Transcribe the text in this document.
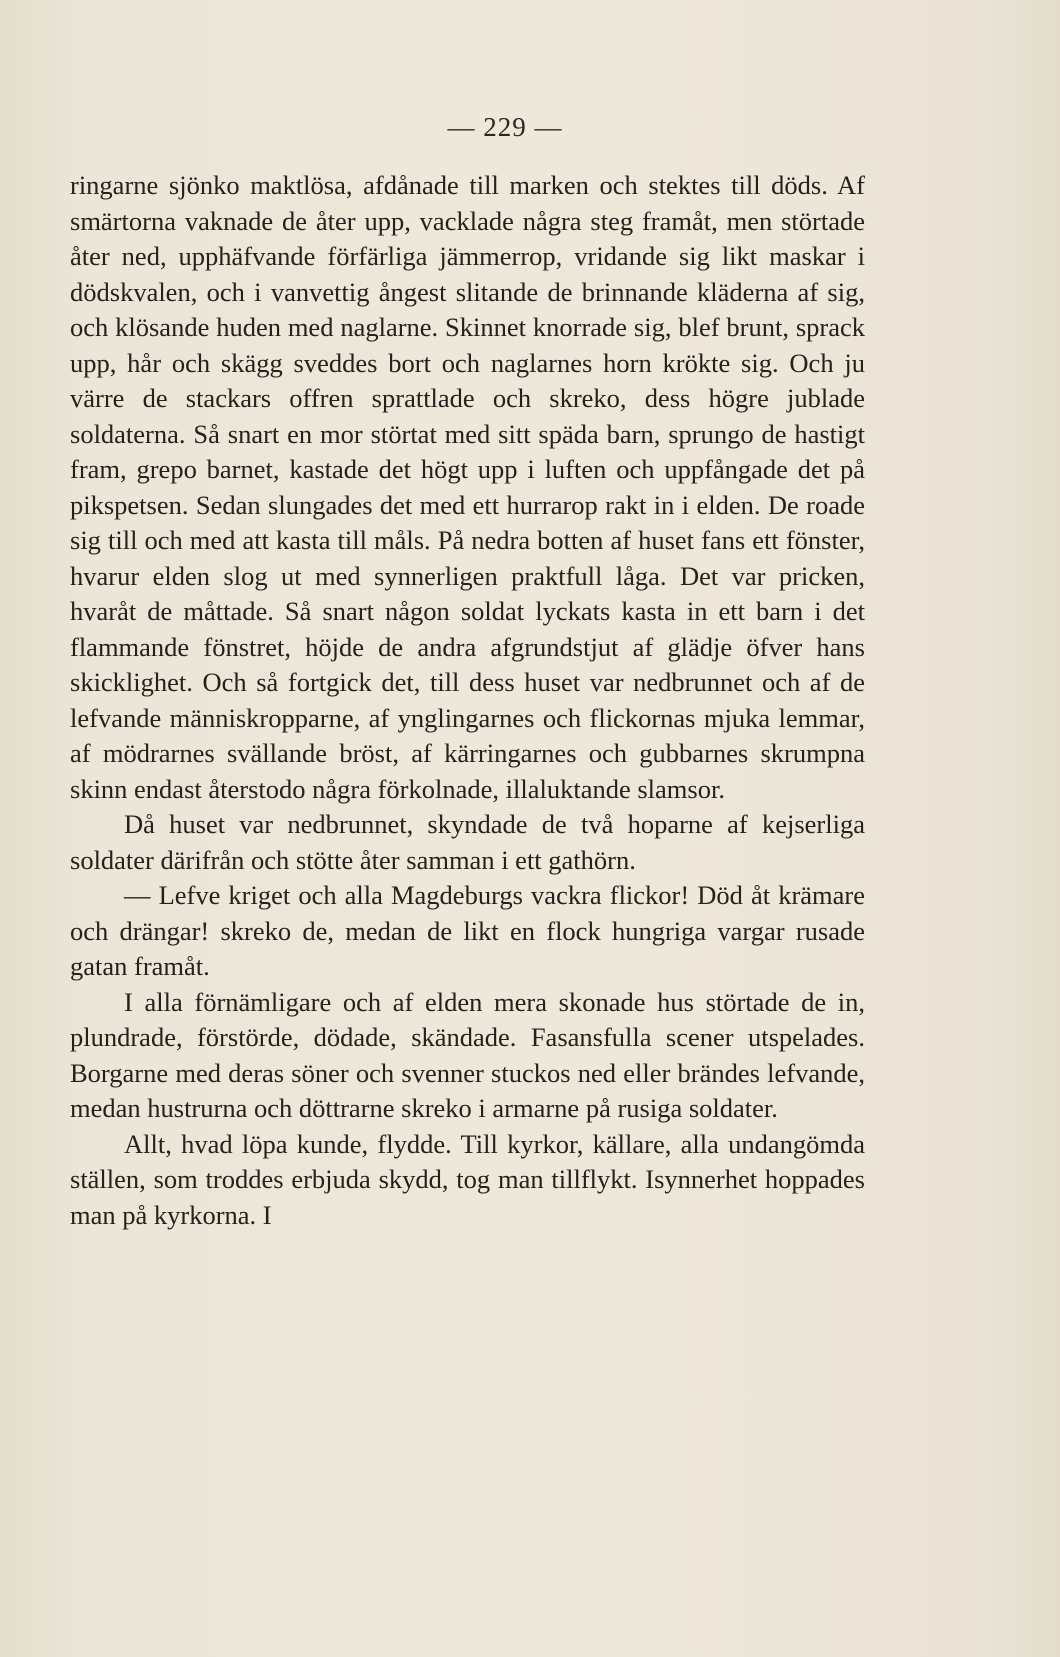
— 229 —

ringarne sjönko maktlösa, afdånade till marken och stektes till döds. Af smärtorna vaknade de åter upp, vacklade några steg framåt, men störtade åter ned, upphäfvande förfärliga jämmerrop, vridande sig likt maskar i dödskvalen, och i vanvettig ångest slitande de brinnande kläderna af sig, och klösande huden med naglarne. Skinnet knorrade sig, blef brunt, sprack upp, hår och skägg sveddes bort och naglarnes horn krökte sig. Och ju värre de stackars offren sprattlade och skreko, dess högre jublade soldaterna. Så snart en mor störtat med sitt späda barn, sprungo de hastigt fram, grepo barnet, kastade det högt upp i luften och uppfångade det på pikspetsen. Sedan slungades det med ett hurrarop rakt in i elden. De roade sig till och med att kasta till måls. På nedra botten af huset fans ett fönster, hvarur elden slog ut med synnerligen praktfull låga. Det var pricken, hvaråt de måttade. Så snart någon soldat lyckats kasta in ett barn i det flammande fönstret, höjde de andra afgrundstjut af glädje öfver hans skicklighet. Och så fortgick det, till dess huset var nedbrunnet och af de lefvande människropparne, af ynglingarnes och flickornas mjuka lemmar, af mödrarnes svällande bröst, af kärringarnes och gubbarnes skrumpna skinn endast återstodo några förkolnade, illaluktande slamsor.

Då huset var nedbrunnet, skyndade de två hoparne af kejserliga soldater därifrån och stötte åter samman i ett gathörn.

— Lefve kriget och alla Magdeburgs vackra flickor! Död åt krämare och drängar! skreko de, medan de likt en flock hungriga vargar rusade gatan framåt.

I alla förnämligare och af elden mera skonade hus störtade de in, plundrade, förstörde, dödade, skändade. Fasansfulla scener utspelades. Borgarne med deras söner och svenner stuckos ned eller brändes lefvande, medan hustrurna och döttrarne skreko i armarne på rusiga soldater.

Allt, hvad löpa kunde, flydde. Till kyrkor, källare, alla undangömda ställen, som troddes erbjuda skydd, tog man tillflykt. Isynnerhet hoppades man på kyrkorna. I
